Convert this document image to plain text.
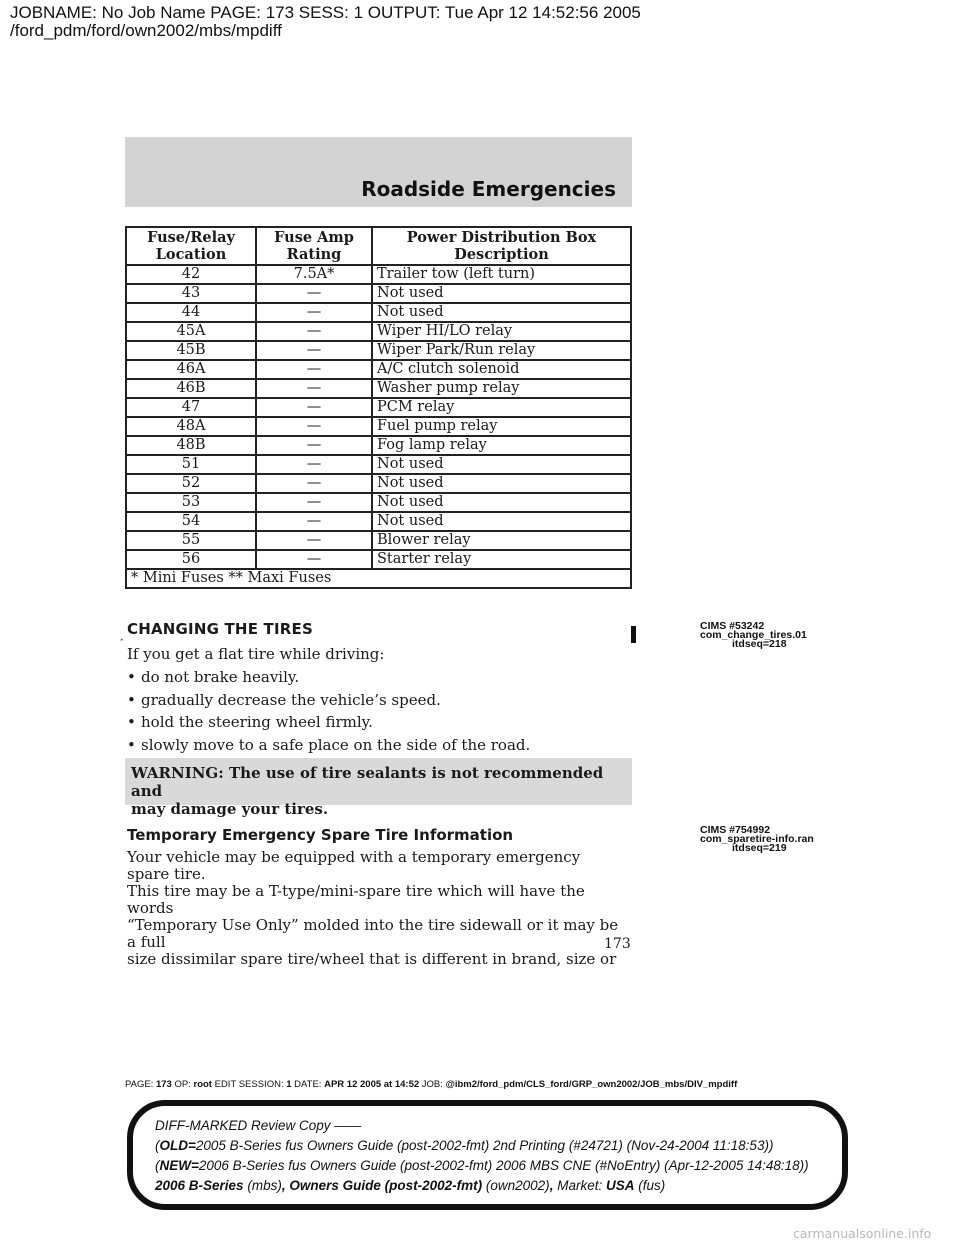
JOBNAME: No Job Name PAGE: 173 SESS: 1 OUTPUT: Tue Apr 12 14:52:56 2005
/ford_pdm/ford/own2002/mbs/mpdiff
Roadside Emergencies
Fuse/Relay Location	Fuse Amp Rating	Power Distribution Box Description
42	7.5A*	Trailer tow (left turn)
43	—	Not used
44	—	Not used
45A	—	Wiper HI/LO relay
45B	—	Wiper Park/Run relay
46A	—	A/C clutch solenoid
46B	—	Washer pump relay
47	—	PCM relay
48A	—	Fuel pump relay
48B	—	Fog lamp relay
51	—	Not used
52	—	Not used
53	—	Not used
54	—	Not used
55	—	Blower relay
56	—	Starter relay
* Mini Fuses ** Maxi Fuses		
‸ CHANGING THE TIRES
If you get a flat tire while driving:
• do not brake heavily.
• gradually decrease the vehicle’s speed.
• hold the steering wheel firmly.
• slowly move to a safe place on the side of the road.
WARNING: The use of tire sealants is not recommended and
may damage your tires.
Temporary Emergency Spare Tire Information
Your vehicle may be equipped with a temporary emergency spare tire.
This tire may be a T-type/mini-spare tire which will have the words
“Temporary Use Only” molded into the tire sidewall or it may be a full
size dissimilar spare tire/wheel that is different in brand, size or
CIMS #53242
com_change_tires.01
itdseq=218
CIMS #754992
com_sparetire-info.ran
itdseq=219
173
PAGE: 173 OP: root EDIT SESSION: 1 DATE: APR 12 2005 at 14:52 JOB: @ibm2/ford_pdm/CLS_ford/GRP_own2002/JOB_mbs/DIV_mpdiff
DIFF-MARKED Review Copy ——
(OLD=2005 B-Series fus Owners Guide (post-2002-fmt) 2nd Printing (#24721) (Nov-24-2004 11:18:53))
(NEW=2006 B-Series fus Owners Guide (post-2002-fmt) 2006 MBS CNE (#NoEntry) (Apr-12-2005 14:48:18))
2006 B-Series (mbs), Owners Guide (post-2002-fmt) (own2002), Market: USA (fus)
carmanualsonline.info
